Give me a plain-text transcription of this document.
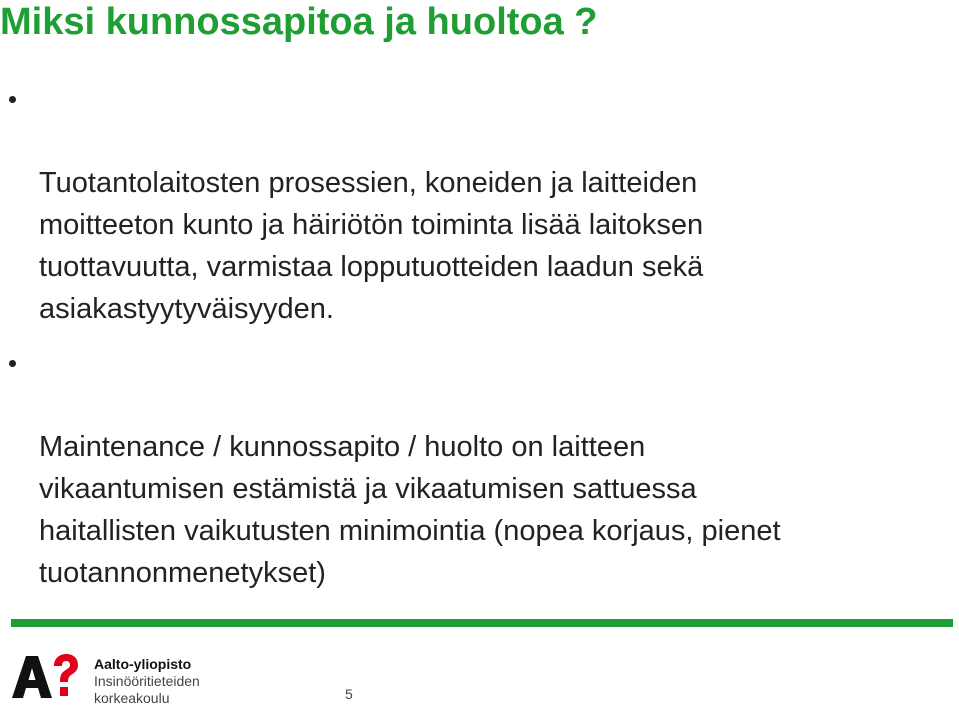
Miksi kunnossapitoa ja huoltoa ?

Tuotantolaitosten prosessien, koneiden ja laitteiden
moitteeton kunto ja häiriötön toiminta lisää laitoksen
tuottavuutta, varmistaa lopputuotteiden laadun sekä
asiakastyytyväisyyden.

Maintenance / kunnossapito / huolto on laitteen
vikaantumisen estämistä ja vikaatumisen sattuessa
haitallisten vaikutusten minimointia (nopea korjaus, pienet
tuotannonmenetykset)

Aalto-yliopisto
Insinööritieteiden
korkeakoulu	5
